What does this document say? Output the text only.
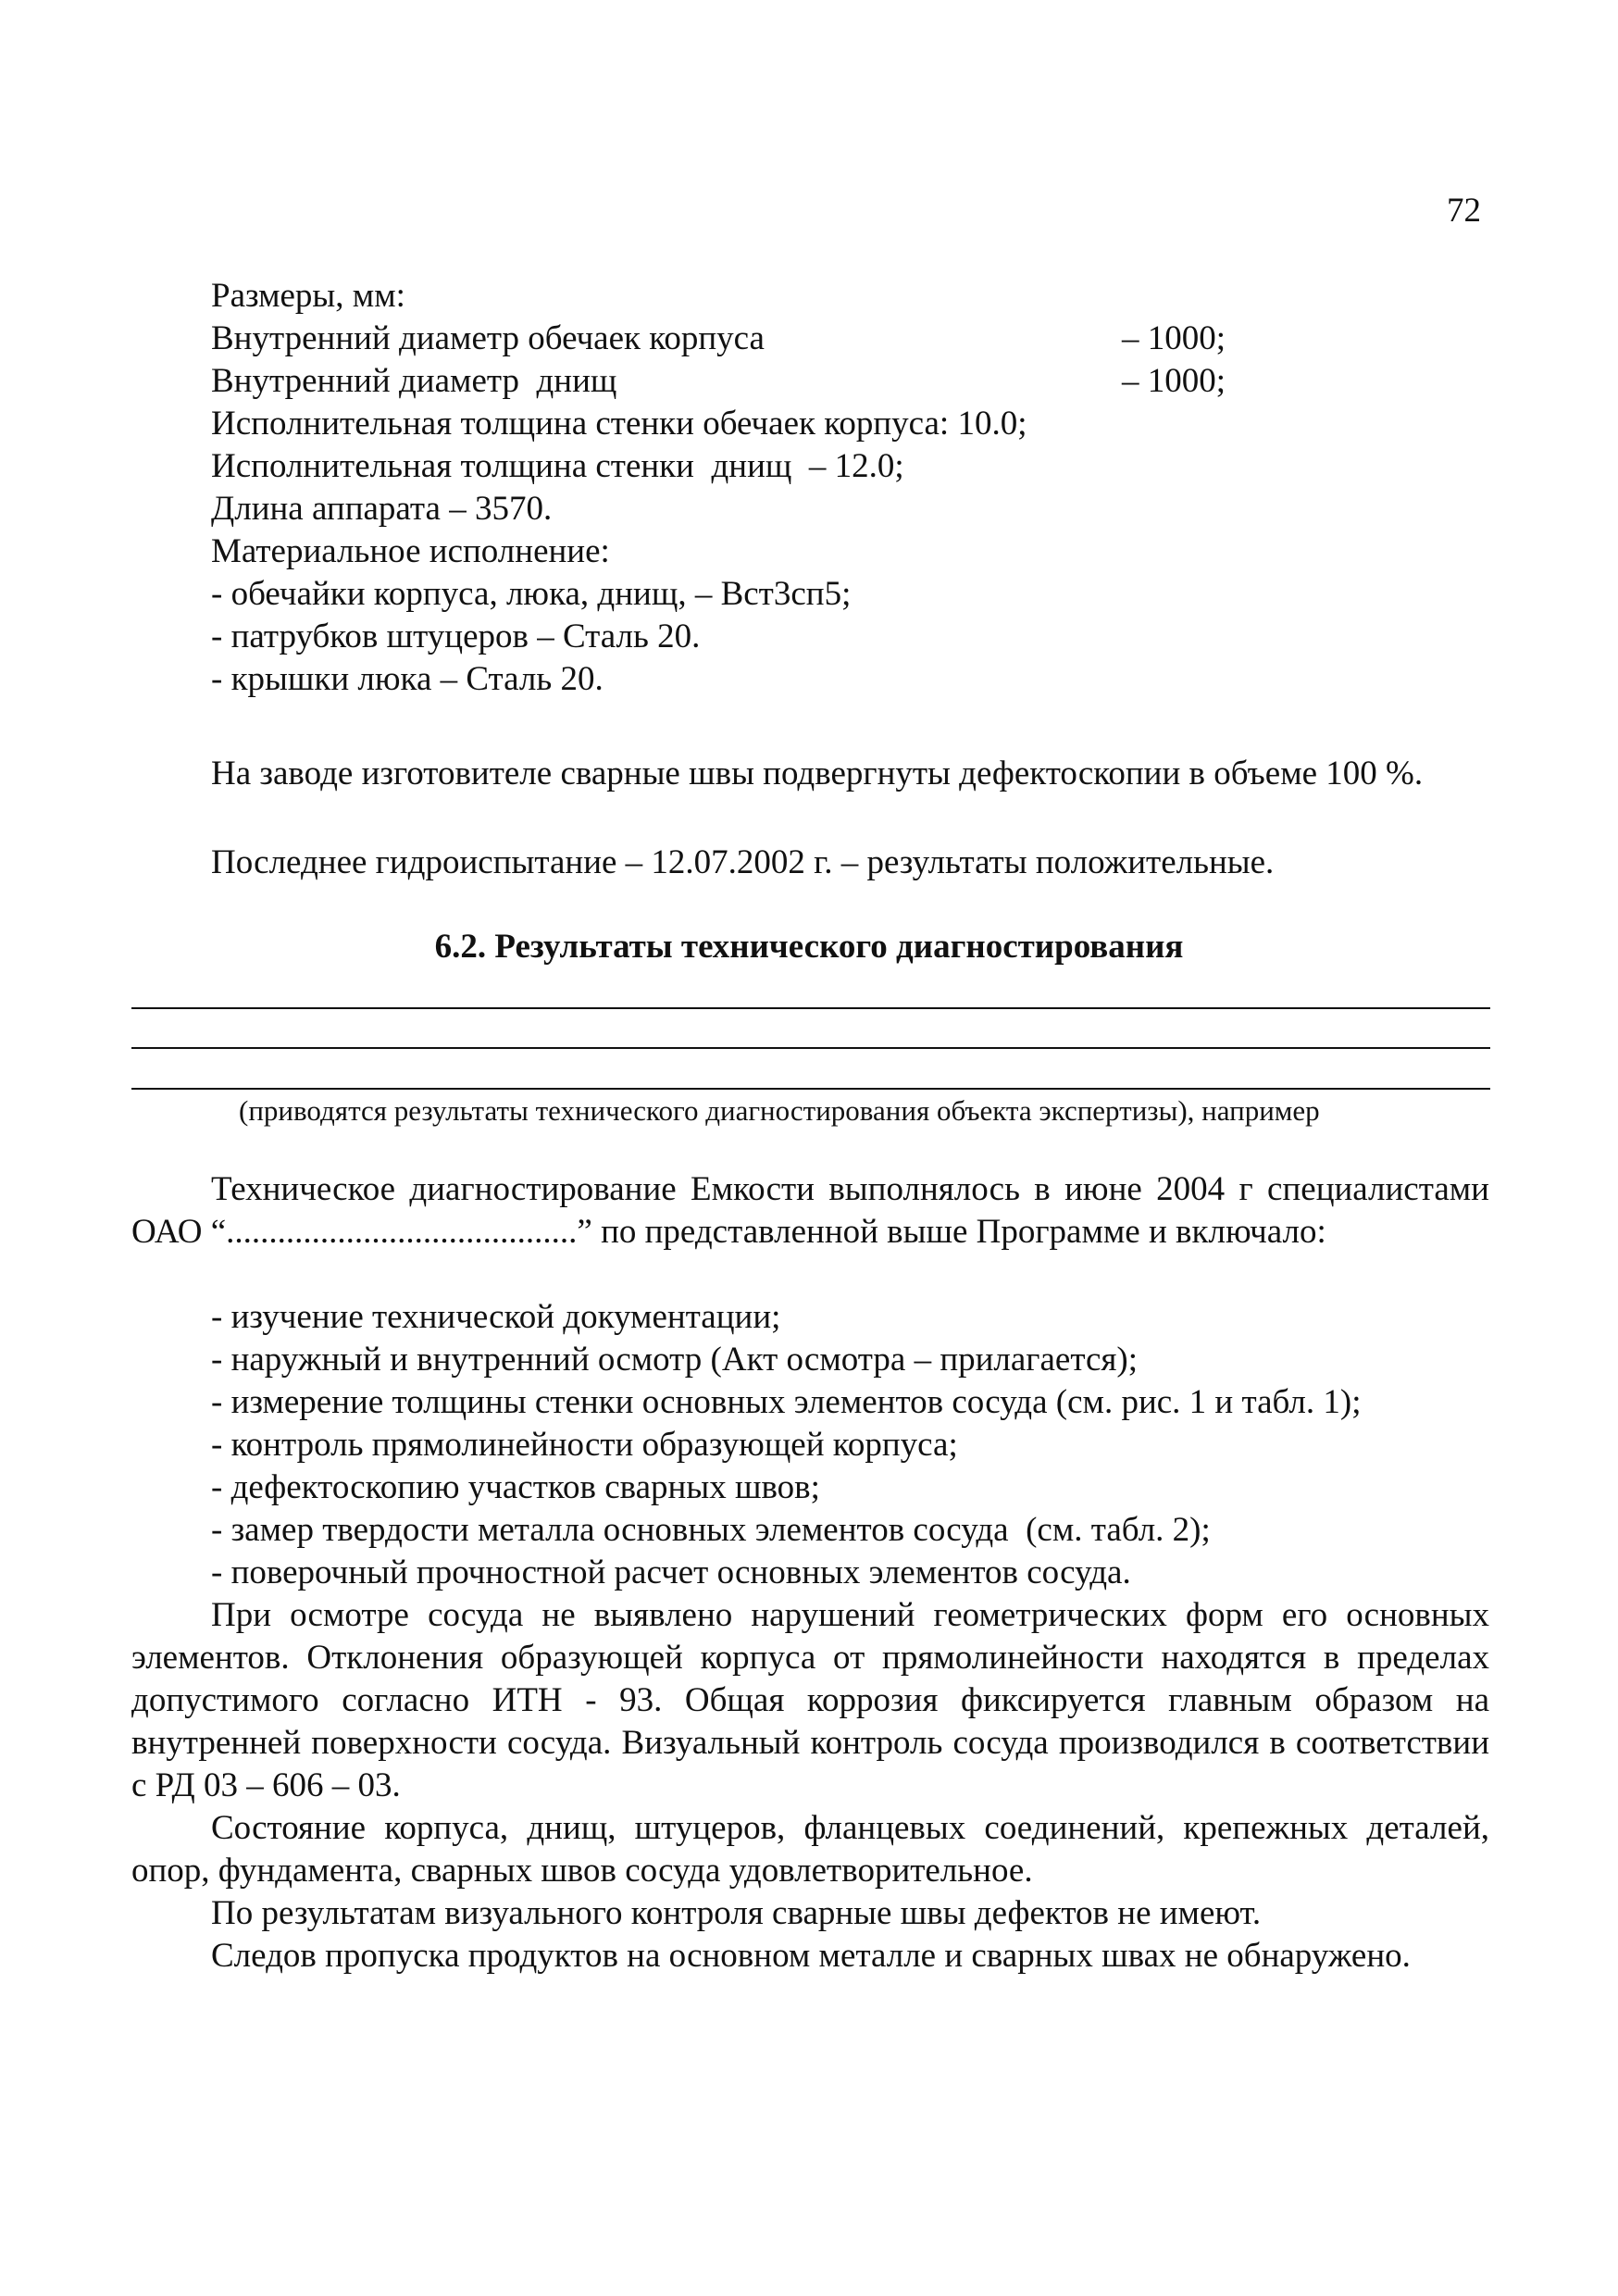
72
Размеры, мм:
Внутренний диаметр обечаек корпуса	– 1000;
Внутренний диаметр  днищ	– 1000;
Исполнительная толщина стенки обечаек корпуса: 10.0;
Исполнительная толщина стенки  днищ  – 12.0;
Длина аппарата – 3570.
Материальное исполнение:
- обечайки корпуса, люка, днищ, – Вст3сп5;
- патрубков штуцеров – Сталь 20.
- крышки люка – Сталь 20.
На заводе изготовителе сварные швы подвергнуты дефектоскопии в объеме 100 %.
Последнее гидроиспытание – 12.07.2002 г. – результаты положительные.
6.2. Результаты технического диагностирования
(приводятся результаты технического диагностирования объекта экспертизы), например
Техническое диагностирование Емкости выполнялось в июне 2004 г специалистами ОАО “.........................................” по представленной выше Программе и включало:
- изучение технической документации;
- наружный и внутренний осмотр (Акт осмотра – прилагается);
- измерение толщины стенки основных элементов сосуда (см. рис. 1 и табл. 1);
- контроль прямолинейности образующей корпуса;
- дефектоскопию участков сварных швов;
- замер твердости металла основных элементов сосуда  (см. табл. 2);
- поверочный прочностной расчет основных элементов сосуда.
При осмотре сосуда не выявлено нарушений геометрических форм его основных элементов. Отклонения образующей корпуса от прямолинейности находятся в пределах допустимого согласно ИТН - 93. Общая коррозия фиксируется главным образом на внутренней поверхности сосуда. Визуальный контроль сосуда производился в соответствии с РД 03 – 606 – 03.
Состояние корпуса, днищ, штуцеров, фланцевых соединений, крепежных деталей, опор, фундамента, сварных швов сосуда удовлетворительное.
По результатам визуального контроля сварные швы дефектов не имеют.
Следов пропуска продуктов на основном металле и сварных швах не обнаружено.
